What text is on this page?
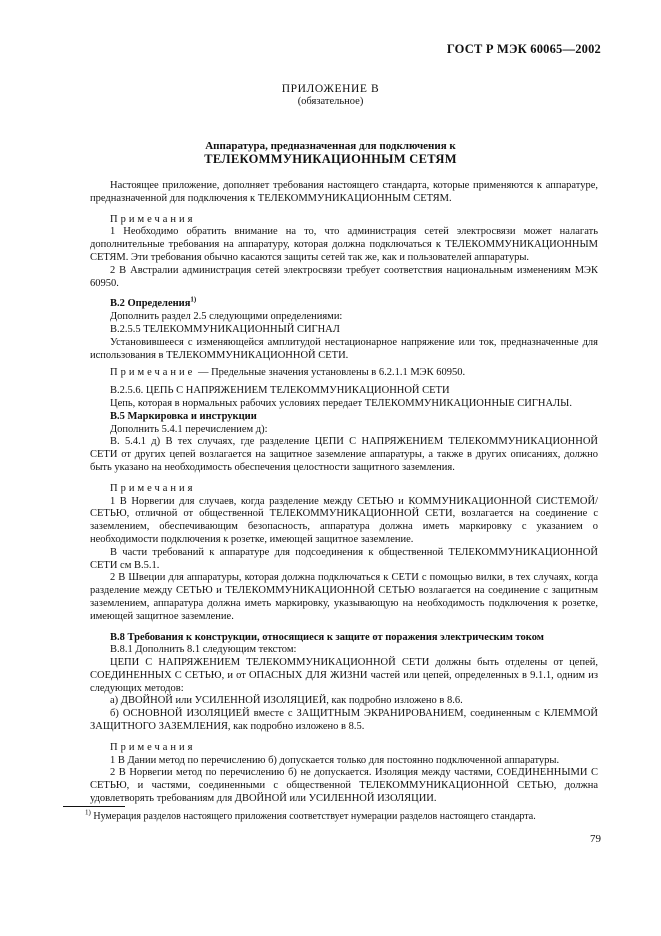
ГОСТ Р МЭК 60065—2002
ПРИЛОЖЕНИЕ В
(обязательное)
Аппаратура, предназначенная для подключения к
ТЕЛЕКОММУНИКАЦИОННЫМ СЕТЯМ

Настоящее приложение, дополняет требования настоящего стандарта, которые применяются к аппаратуре, предназначенной для подключения к ТЕЛЕКОММУНИКАЦИОННЫМ СЕТЯМ.

Примечания

1 Необходимо обратить внимание на то, что администрация сетей электросвязи может налагать дополнительные требования на аппаратуру, которая должна подключаться к ТЕЛЕКОММУНИКАЦИОННЫМ СЕТЯМ. Эти требования обычно касаются защиты сетей так же, как и пользователей аппаратуры.

2 В Австралии администрация сетей электросвязи требует соответствия национальным изменениям МЭК 60950.

В.2 Определения$^{1)}$

Дополнить раздел 2.5 следующими определениями:

В.2.5.5 ТЕЛЕКОММУНИКАЦИОННЫЙ СИГНАЛ

Установившееся с изменяющейся амплитудой нестационарное напряжение или ток, предназначенные для использования в ТЕЛЕКОММУНИКАЦИОННОЙ СЕТИ.

Примечание — Предельные значения установлены в 6.2.1.1 МЭК 60950.

В.2.5.6. ЦЕПЬ С НАПРЯЖЕНИЕМ ТЕЛЕКОММУНИКАЦИОННОЙ СЕТИ

Цепь, которая в нормальных рабочих условиях передает ТЕЛЕКОММУНИКАЦИОННЫЕ СИГНАЛЫ.

В.5 Маркировка и инструкции

Дополнить 5.4.1 перечислением д):

В. 5.4.1 д) В тех случаях, где разделение ЦЕПИ С НАПРЯЖЕНИЕМ ТЕЛЕКОММУНИКАЦИОННОЙ СЕТИ от других цепей возлагается на защитное заземление аппаратуры, а также в других описаниях, должно быть указано на необходимость обеспечения целостности защитного заземления.

Примечания

1 В Норвегии для случаев, когда разделение между СЕТЬЮ и КОММУНИКАЦИОННОЙ СИСТЕМОЙ/СЕТЬЮ, отличной от общественной ТЕЛЕКОММУНИКАЦИОННОЙ СЕТИ, возлагается на соединение с заземлением, обеспечивающим безопасность, аппаратура должна иметь маркировку с указанием о необходимости подключения к розетке, имеющей защитное заземление.

В части требований к аппаратуре для подсоединения к общественной ТЕЛЕКОММУНИКАЦИОННОЙ СЕТИ см В.5.1.

2 В Швеции для аппаратуры, которая должна подключаться к СЕТИ с помощью вилки, в тех случаях, когда разделение между СЕТЬЮ и ТЕЛЕКОММУНИКАЦИОННОЙ СЕТЬЮ возлагается на соединение с защитным заземлением, аппаратура должна иметь маркировку, указывающую на необходимость подключения к розетке, имеющей защитное заземление.

В.8 Требования к конструкции, относящиеся к защите от поражения электрическим током

В.8.1 Дополнить 8.1 следующим текстом:

ЦЕПИ С НАПРЯЖЕНИЕМ ТЕЛЕКОММУНИКАЦИОННОЙ СЕТИ должны быть отделены от цепей, СОЕДИНЕННЫХ С СЕТЬЮ, и от ОПАСНЫХ ДЛЯ ЖИЗНИ частей или цепей, определенных в 9.1.1, одним из следующих методов:

а) ДВОЙНОЙ или УСИЛЕННОЙ ИЗОЛЯЦИЕЙ, как подробно изложено в 8.6.

б) ОСНОВНОЙ ИЗОЛЯЦИЕЙ вместе с ЗАЩИТНЫМ ЭКРАНИРОВАНИЕМ, соединенным с КЛЕММОЙ ЗАЩИТНОГО ЗАЗЕМЛЕНИЯ, как подробно изложено в 8.5.

Примечания

1 В Дании метод по перечислению б) допускается только для постоянно подключенной аппаратуры.

2 В Норвегии метод по перечислению б) не допускается. Изоляция между частями, СОЕДИНЕННЫМИ С СЕТЬЮ, и частями, соединенными с общественной ТЕЛЕКОММУНИКАЦИОННОЙ СЕТЬЮ, должна удовлетворять требованиям для ДВОЙНОЙ или УСИЛЕННОЙ ИЗОЛЯЦИИ.

$^{1)}$ Нумерация разделов настоящего приложения соответствует нумерации разделов настоящего стандарта.
79
